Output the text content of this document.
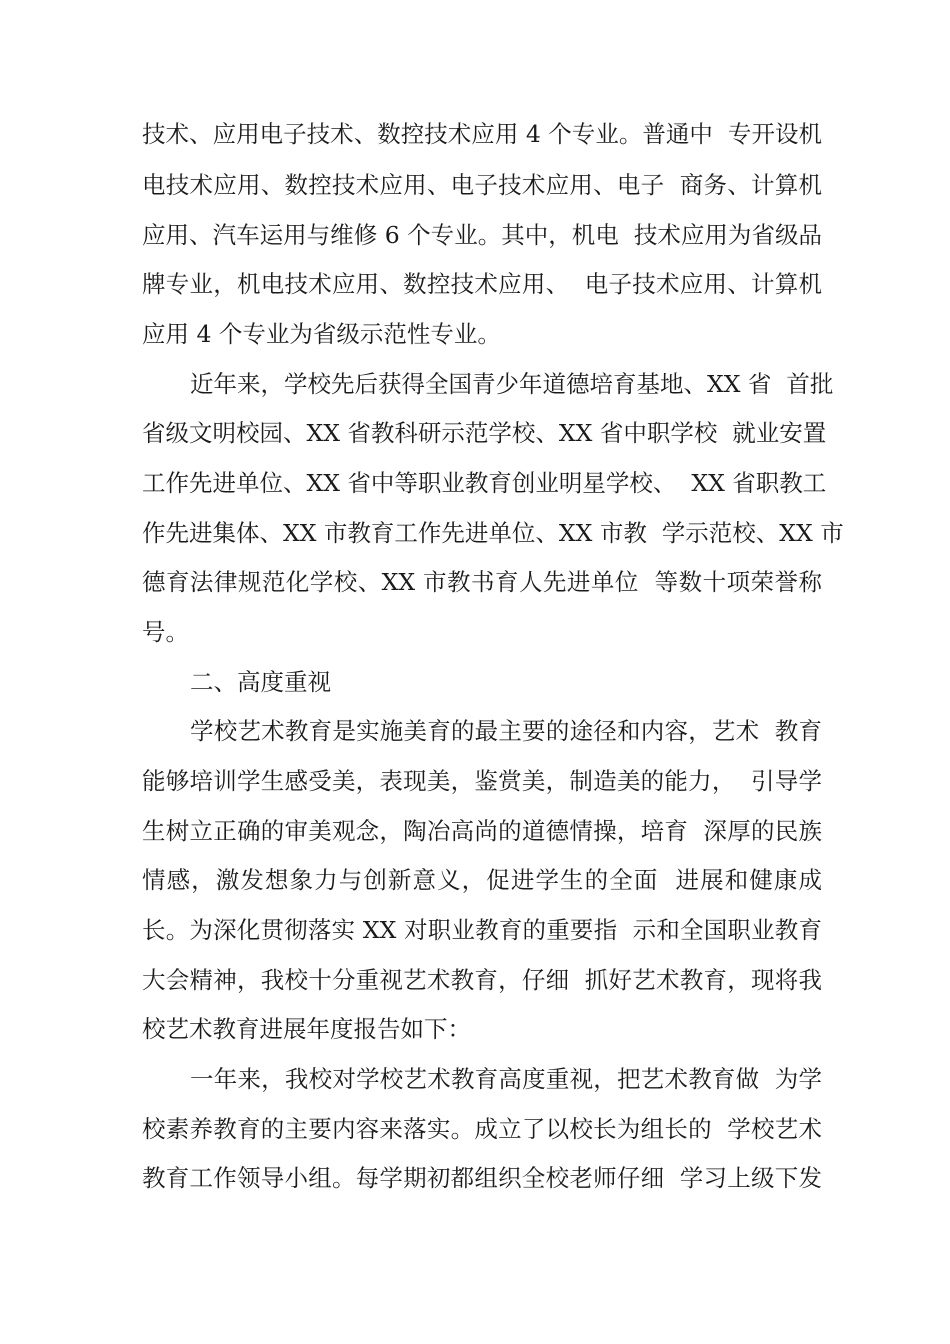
技术、应用电子技术、数控技术应用 4 个专业。普通中  专开设机
电技术应用、数控技术应用、电子技术应用、电子  商务、计算机
应用、汽车运用与维修 6 个专业。其中，机电  技术应用为省级品
牌专业，机电技术应用、数控技术应用、  电子技术应用、计算机
应用 4 个专业为省级示范性专业。
近年来，学校先后获得全国青少年道德培育基地、XX 省  首批
省级文明校园、XX 省教科研示范学校、XX 省中职学校  就业安置
工作先进单位、XX 省中等职业教育创业明星学校、  XX 省职教工
作先进集体、XX 市教育工作先进单位、XX 市教  学示范校、XX 市
德育法律规范化学校、XX 市教书育人先进单位  等数十项荣誉称
号。
二、高度重视
学校艺术教育是实施美育的最主要的途径和内容，艺术  教育
能够培训学生感受美，表现美，鉴赏美，制造美的能力，  引导学
生树立正确的审美观念，陶冶高尚的道德情操，培育  深厚的民族
情感，激发想象力与创新意义，促进学生的全面  进展和健康成
长。为深化贯彻落实 XX 对职业教育的重要指  示和全国职业教育
大会精神，我校十分重视艺术教育，仔细  抓好艺术教育，现将我
校艺术教育进展年度报告如下：
一年来，我校对学校艺术教育高度重视，把艺术教育做  为学
校素养教育的主要内容来落实。成立了以校长为组长的  学校艺术
教育工作领导小组。每学期初都组织全校老师仔细  学习上级下发
